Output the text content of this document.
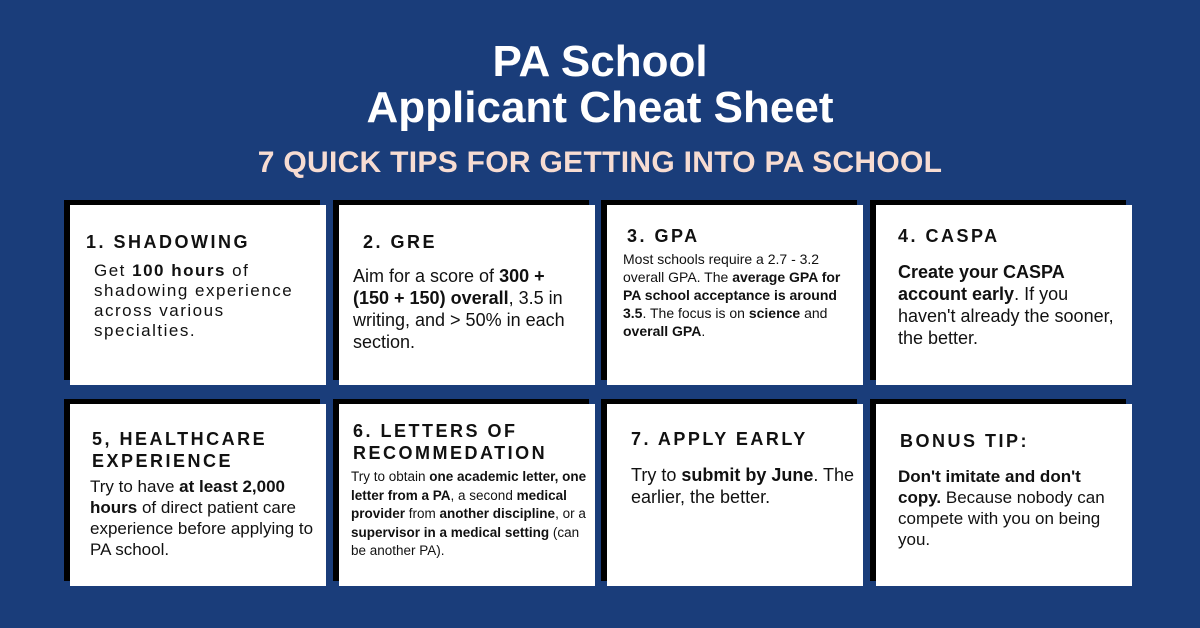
PA School
Applicant Cheat Sheet
7 QUICK TIPS FOR GETTING INTO PA SCHOOL
1. SHADOWING
Get 100 hours of shadowing experience across various specialties.
2. GRE
Aim for a score of 300 + (150 + 150) overall, 3.5 in writing, and > 50% in each section.
3. GPA
Most schools require a 2.7 - 3.2 overall GPA. The average GPA for PA school acceptance is around 3.5. The focus is on science and overall GPA.
4. CASPA
Create your CASPA account early. If you haven't already the sooner, the better.
5, HEALTHCARE EXPERIENCE
Try to have at least 2,000 hours of direct patient care experience before applying to PA school.
6. LETTERS OF RECOMMEDATION
Try to obtain one academic letter, one letter from a PA, a second medical provider from another discipline, or a supervisor in a medical setting (can be another PA).
7. APPLY EARLY
Try to submit by June. The earlier, the better.
BONUS TIP:
Don't imitate and don't copy. Because nobody can compete with you on being you.
